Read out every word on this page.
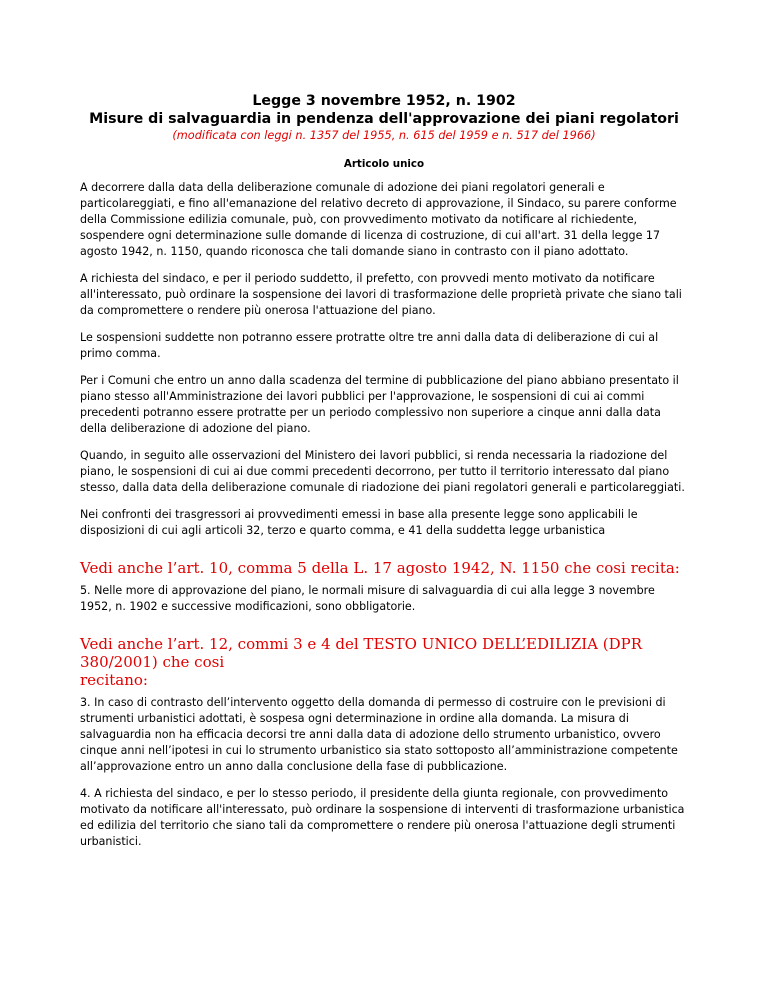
Legge 3 novembre 1952, n. 1902
Misure di salvaguardia in pendenza dell'approvazione dei piani regolatori
(modificata con leggi n. 1357 del 1955, n. 615 del 1959 e n. 517 del 1966)
Articolo unico

A decorrere dalla data della deliberazione comunale di adozione dei piani regolatori generali e
particolareggiati, e fino all'emanazione del relativo decreto di approvazione, il Sindaco, su parere conforme
della Commissione edilizia comunale, può, con provvedimento motivato da notificare al richiedente,
sospendere ogni determinazione sulle domande di licenza di costruzione, di cui all'art. 31 della legge 17
agosto 1942, n. 1150, quando riconosca che tali domande siano in contrasto con il piano adottato.

A richiesta del sindaco, e per il periodo suddetto, il prefetto, con provvedi mento motivato da notificare
all'interessato, può ordinare la sospensione dei lavori di trasformazione delle proprietà private che siano tali
da compromettere o rendere più onerosa l'attuazione del piano.

Le sospensioni suddette non potranno essere protratte oltre tre anni dalla data di deliberazione di cui al
primo comma.

Per i Comuni che entro un anno dalla scadenza del termine di pubblicazione del piano abbiano presentato il
piano stesso all'Amministrazione dei lavori pubblici per l'approvazione, le sospensioni di cui ai commi
precedenti potranno essere protratte per un periodo complessivo non superiore a cinque anni dalla data
della deliberazione di adozione del piano.

Quando, in seguito alle osservazioni del Ministero dei lavori pubblici, si renda necessaria la riadozione del
piano, le sospensioni di cui ai due commi precedenti decorrono, per tutto il territorio interessato dal piano
stesso, dalla data della deliberazione comunale di riadozione dei piani regolatori generali e particolareggiati.

Nei confronti dei trasgressori ai provvedimenti emessi in base alla presente legge sono applicabili le
disposizioni di cui agli articoli 32, terzo e quarto comma, e 41 della suddetta legge urbanistica

Vedi anche l’art. 10, comma 5 della L. 17 agosto 1942, N. 1150 che cosi recita:

5. Nelle more di approvazione del piano, le normali misure di salvaguardia di cui alla legge 3 novembre
1952, n. 1902 e successive modificazioni, sono obbligatorie.

Vedi anche l’art. 12, commi 3 e 4 del TESTO UNICO DELL’EDILIZIA (DPR 380/2001) che cosi
recitano:

3. In caso di contrasto dell’intervento oggetto della domanda di permesso di costruire con le previsioni di
strumenti urbanistici adottati, è sospesa ogni determinazione in ordine alla domanda. La misura di
salvaguardia non ha efficacia decorsi tre anni dalla data di adozione dello strumento urbanistico, ovvero
cinque anni nell’ipotesi in cui lo strumento urbanistico sia stato sottoposto all’amministrazione competente
all’approvazione entro un anno dalla conclusione della fase di pubblicazione.

4. A richiesta del sindaco, e per lo stesso periodo, il presidente della giunta regionale, con provvedimento
motivato da notificare all'interessato, può ordinare la sospensione di interventi di trasformazione urbanistica
ed edilizia del territorio che siano tali da compromettere o rendere più onerosa l'attuazione degli strumenti
urbanistici.
